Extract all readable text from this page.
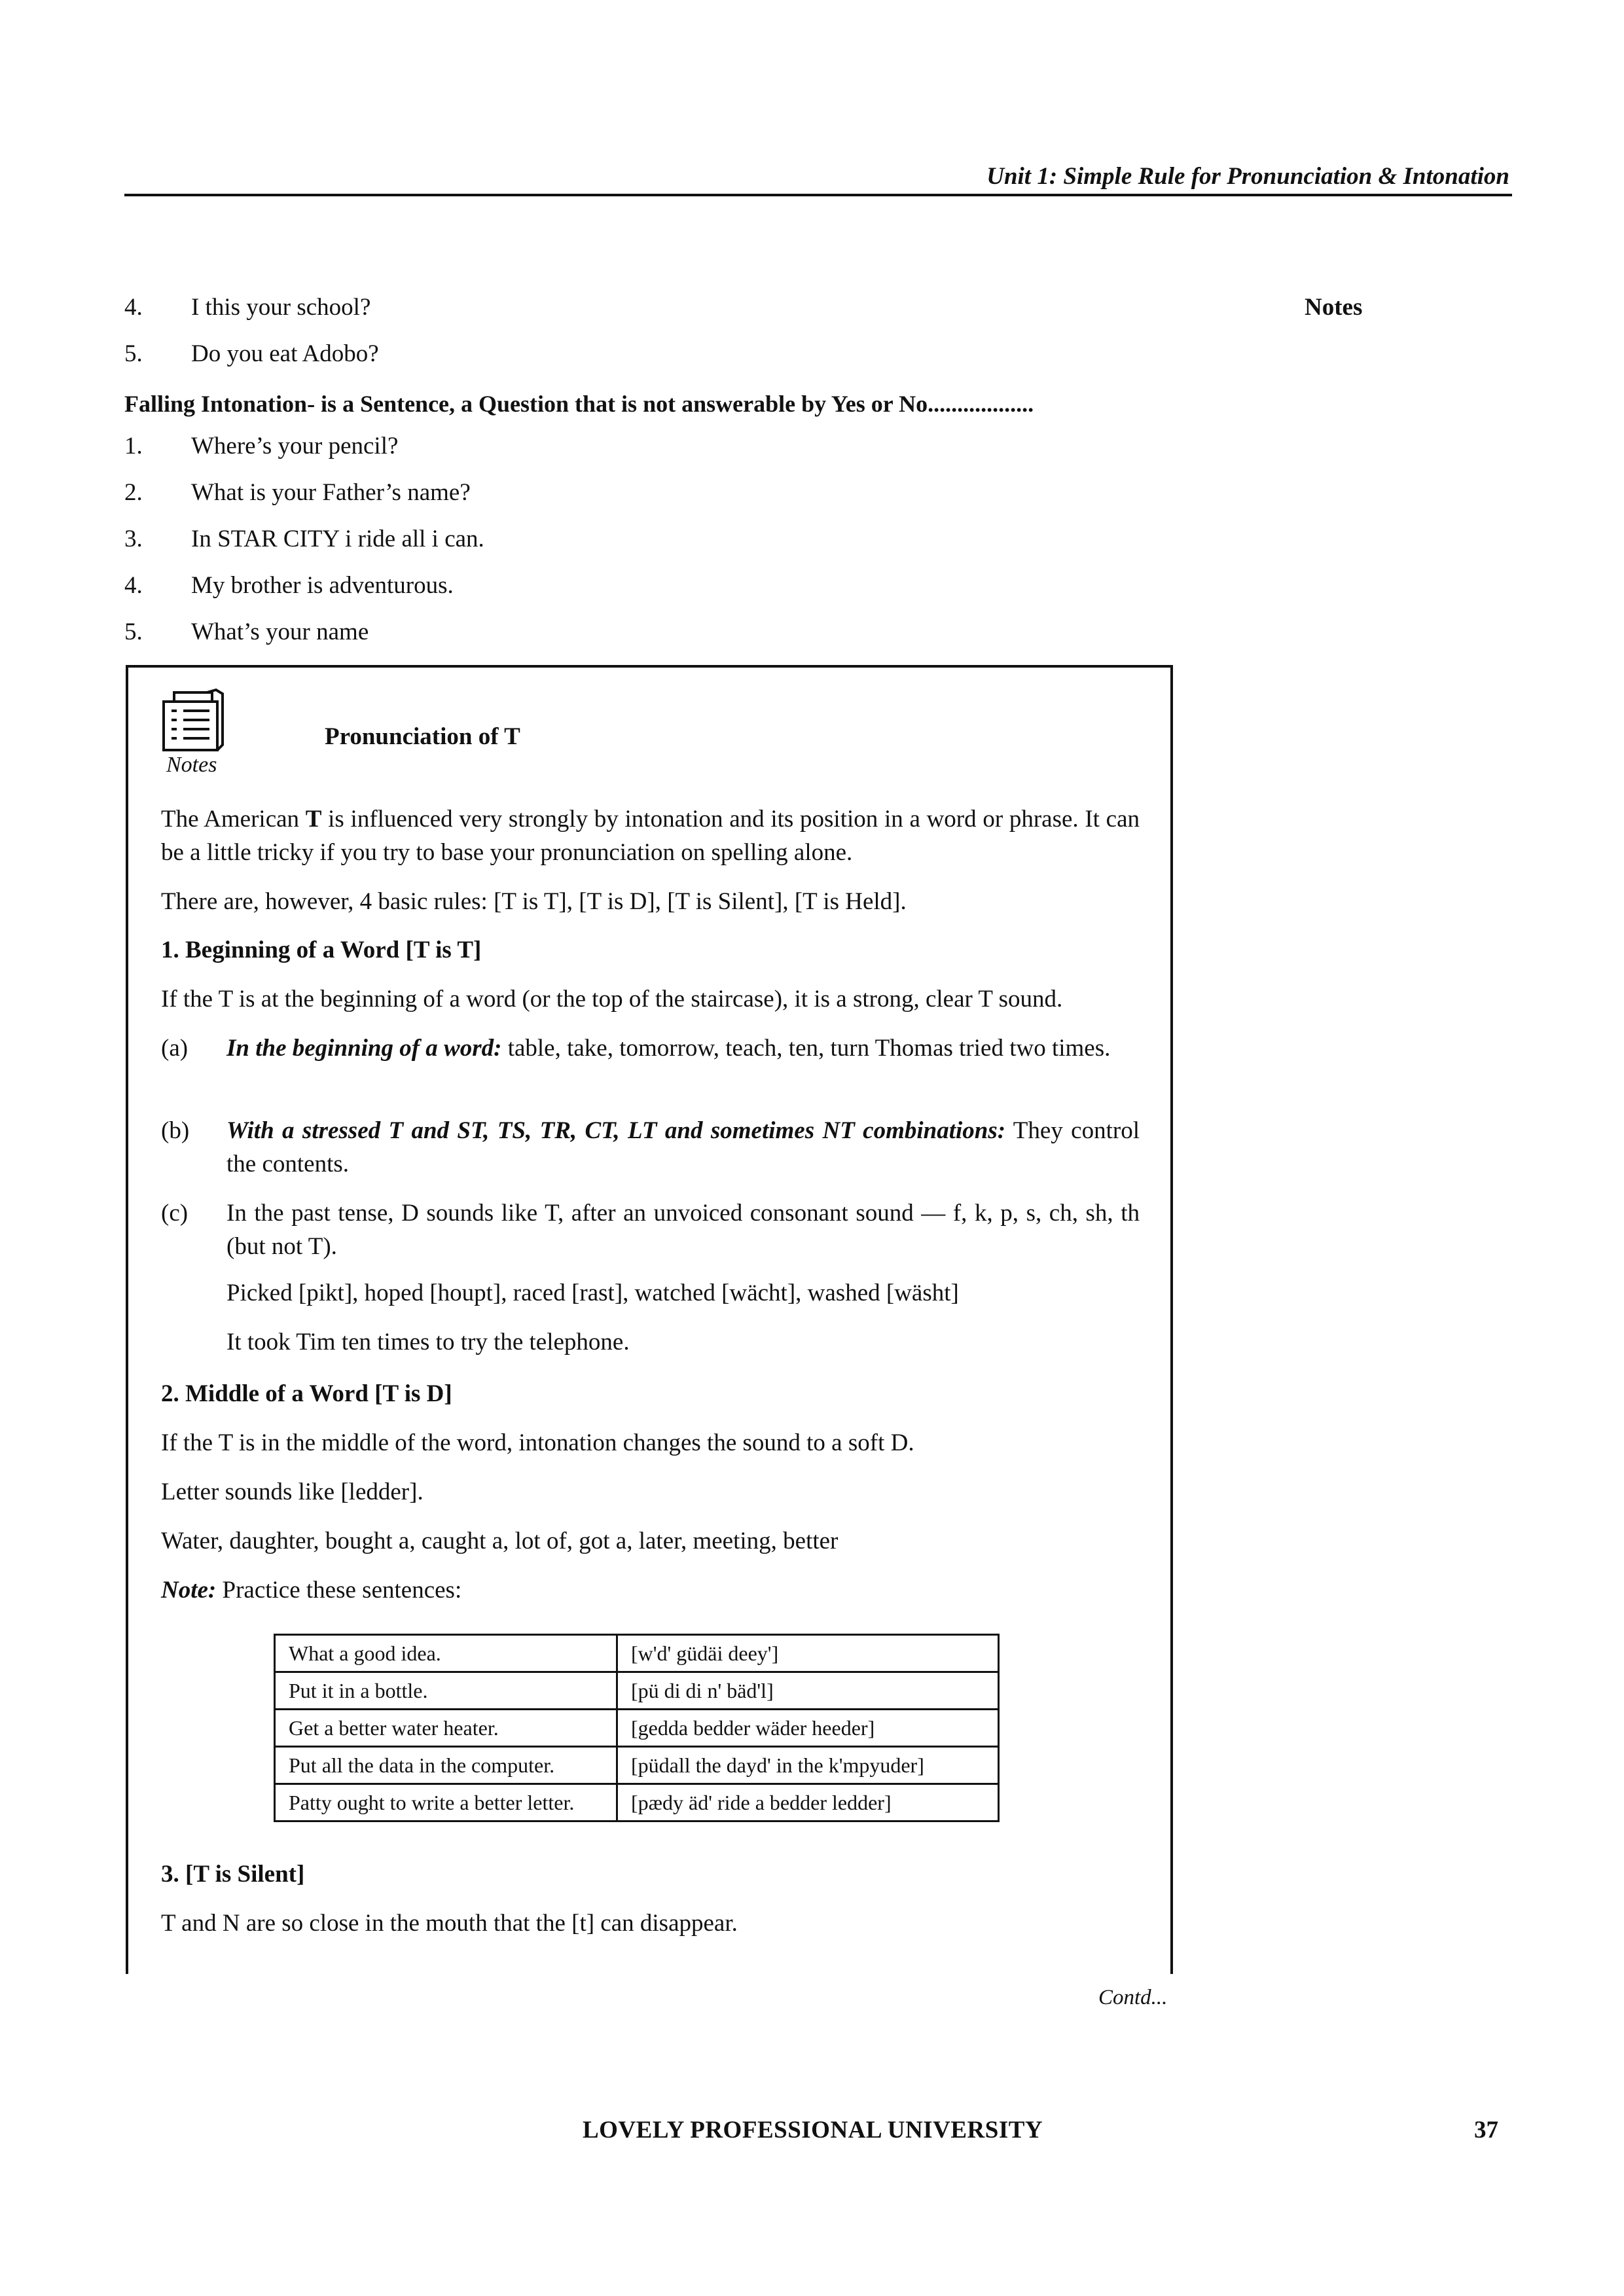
Unit 1: Simple Rule for Pronunciation & Intonation
Notes
4. I this your school?
5. Do you eat Adobo?
Falling Intonation- is a Sentence, a Question that is not answerable by Yes or No..................
1. Where’s your pencil?
2. What is your Father’s name?
3. In STAR CITY i ride all i can.
4. My brother is adventurous.
5. What’s your name
Notes
Pronunciation of T
The American T is influenced very strongly by intonation and its position in a word or phrase. It can be a little tricky if you try to base your pronunciation on spelling alone.
There are, however, 4 basic rules: [T is T], [T is D], [T is Silent], [T is Held].
1. Beginning of a Word [T is T]
If the T is at the beginning of a word (or the top of the staircase), it is a strong, clear T sound.
(a) In the beginning of a word: table, take, tomorrow, teach, ten, turn Thomas tried two times.
(b) With a stressed T and ST, TS, TR, CT, LT and sometimes NT combinations: They control the contents.
(c) In the past tense, D sounds like T, after an unvoiced consonant sound — f, k, p, s, ch, sh, th (but not T).
Picked [pikt], hoped [houpt], raced [rast], watched [wächt], washed [wäsht]
It took Tim ten times to try the telephone.
2. Middle of a Word [T is D]
If the T is in the middle of the word, intonation changes the sound to a soft D.
Letter sounds like [ledder].
Water, daughter, bought a, caught a, lot of, got a, later, meeting, better
Note: Practice these sentences:
What a good idea.	[w'd' güdäi deey']
Put it in a bottle.	[pü di di n' bäd'l]
Get a better water heater.	[gedda bedder wäder heeder]
Put all the data in the computer.	[püdall the dayd' in the k'mpyuder]
Patty ought to write a better letter.	[pædy äd' ride a bedder ledder]
3. [T is Silent]
T and N are so close in the mouth that the [t] can disappear.
Contd...
LOVELY PROFESSIONAL UNIVERSITY	37
